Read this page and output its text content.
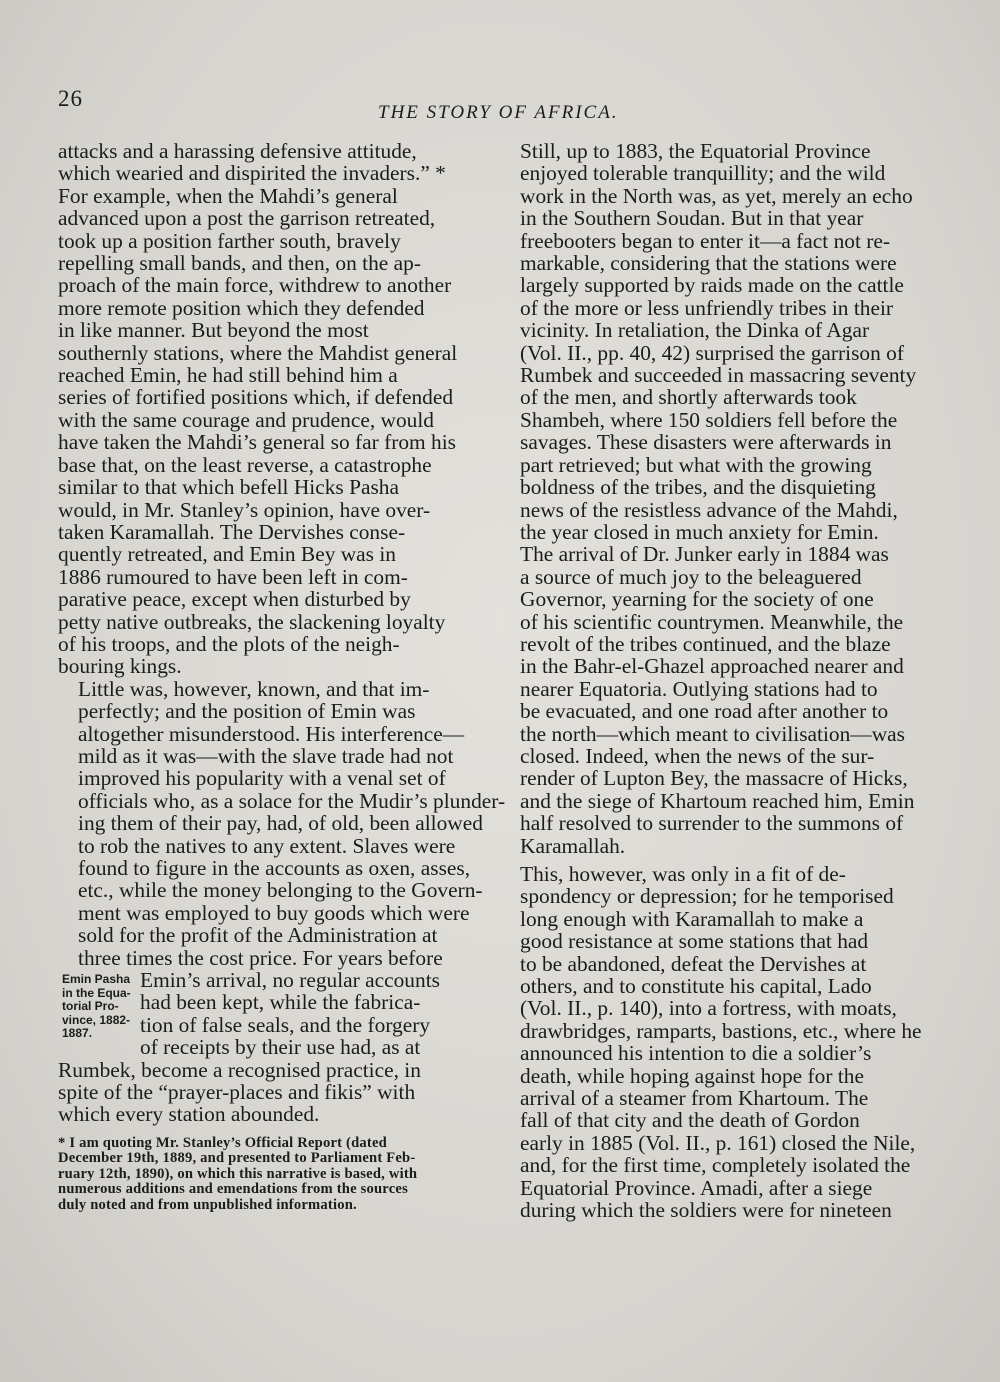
26
THE STORY OF AFRICA.

attacks and a harassing defensive attitude,
which wearied and dispirited the invaders.” *
For example, when the Mahdi’s general
advanced upon a post the garrison retreated,
took up a position farther south, bravely
repelling small bands, and then, on the ap-
proach of the main force, withdrew to another
more remote position which they defended
in like manner. But beyond the most
southernly stations, where the Mahdist general
reached Emin, he had still behind him a
series of fortified positions which, if defended
with the same courage and prudence, would
have taken the Mahdi’s general so far from his
base that, on the least reverse, a catastrophe
similar to that which befell Hicks Pasha
would, in Mr. Stanley’s opinion, have over-
taken Karamallah. The Dervishes conse-
quently retreated, and Emin Bey was in
1886 rumoured to have been left in com-
parative peace, except when disturbed by
petty native outbreaks, the slackening loyalty
of his troops, and the plots of the neigh-
bouring kings.

Little was, however, known, and that im-
perfectly; and the position of Emin was
altogether misunderstood. His interference—
mild as it was—with the slave trade had not
improved his popularity with a venal set of
officials who, as a solace for the Mudir’s plunder-
ing them of their pay, had, of old, been allowed
to rob the natives to any extent. Slaves were
found to figure in the accounts as oxen, asses,
etc., while the money belonging to the Govern-
ment was employed to buy goods which were
sold for the profit of the Administration at
three times the cost price. For years before

Emin Pasha
in the Equa-
torial Pro-
vince, 1882-
1887.
Emin’s arrival, no regular accounts
had been kept, while the fabrica-
tion of false seals, and the forgery
of receipts by their use had, as at

Rumbek, become a recognised practice, in
spite of the “prayer-places and fikis” with
which every station abounded.

* I am quoting Mr. Stanley’s Official Report (dated
December 19th, 1889, and presented to Parliament Feb-
ruary 12th, 1890), on which this narrative is based, with
numerous additions and emendations from the sources
duly noted and from unpublished information.

Still, up to 1883, the Equatorial Province
enjoyed tolerable tranquillity; and the wild
work in the North was, as yet, merely an echo
in the Southern Soudan. But in that year
freebooters began to enter it—a fact not re-
markable, considering that the stations were
largely supported by raids made on the cattle
of the more or less unfriendly tribes in their
vicinity. In retaliation, the Dinka of Agar
(Vol. II., pp. 40, 42) surprised the garrison of
Rumbek and succeeded in massacring seventy
of the men, and shortly afterwards took
Shambeh, where 150 soldiers fell before the
savages. These disasters were afterwards in
part retrieved; but what with the growing
boldness of the tribes, and the disquieting
news of the resistless advance of the Mahdi,
the year closed in much anxiety for Emin.
The arrival of Dr. Junker early in 1884 was
a source of much joy to the beleaguered
Governor, yearning for the society of one
of his scientific countrymen. Meanwhile, the
revolt of the tribes continued, and the blaze
in the Bahr-el-Ghazel approached nearer and
nearer Equatoria. Outlying stations had to
be evacuated, and one road after another to
the north—which meant to civilisation—was
closed. Indeed, when the news of the sur-
render of Lupton Bey, the massacre of Hicks,
and the siege of Khartoum reached him, Emin
half resolved to surrender to the summons of
Karamallah.

This, however, was only in a fit of de-
spondency or depression; for he temporised
long enough with Karamallah to make a
good resistance at some stations that had
to be abandoned, defeat the Dervishes at
others, and to constitute his capital, Lado
(Vol. II., p. 140), into a fortress, with moats,
drawbridges, ramparts, bastions, etc., where he
announced his intention to die a soldier’s
death, while hoping against hope for the
arrival of a steamer from Khartoum. The
fall of that city and the death of Gordon
early in 1885 (Vol. II., p. 161) closed the Nile,
and, for the first time, completely isolated the
Equatorial Province. Amadi, after a siege
during which the soldiers were for nineteen
